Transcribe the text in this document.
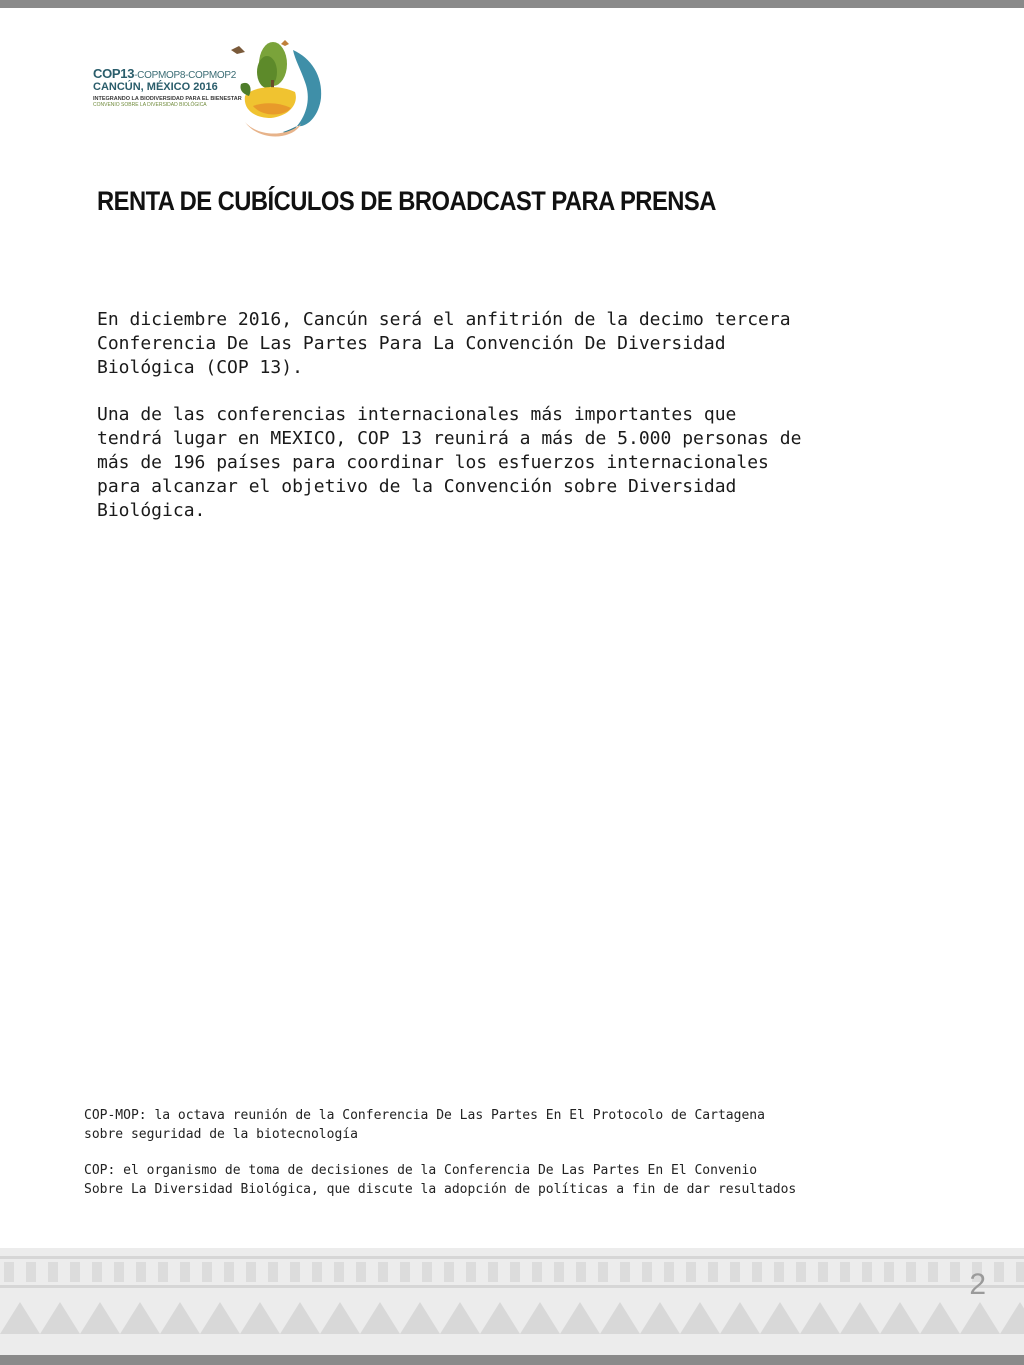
COP13-COPMOP8-COPMOP2
CANCÚN, MÉXICO 2016
INTEGRANDO LA BIODIVERSIDAD PARA EL BIENESTAR
CONVENIO SOBRE LA DIVERSIDAD BIOLÓGICA
RENTA DE CUBÍCULOS DE BROADCAST PARA PRENSA

En diciembre 2016, Cancún será el anfitrión de la decimo tercera
Conferencia De Las Partes Para La Convención De Diversidad
Biológica (COP 13).

Una de las conferencias internacionales más importantes que
tendrá lugar en MEXICO, COP 13 reunirá a más de 5.000 personas de
más de 196 países para coordinar los esfuerzos internacionales
para alcanzar el objetivo de la Convención sobre Diversidad
Biológica.

COP-MOP: la octava reunión de la Conferencia De Las Partes En El Protocolo de Cartagena
sobre seguridad de la biotecnología

COP: el organismo de toma de decisiones de la Conferencia De Las Partes En El Convenio
Sobre La Diversidad Biológica, que discute la adopción de políticas a fin de dar resultados

2
